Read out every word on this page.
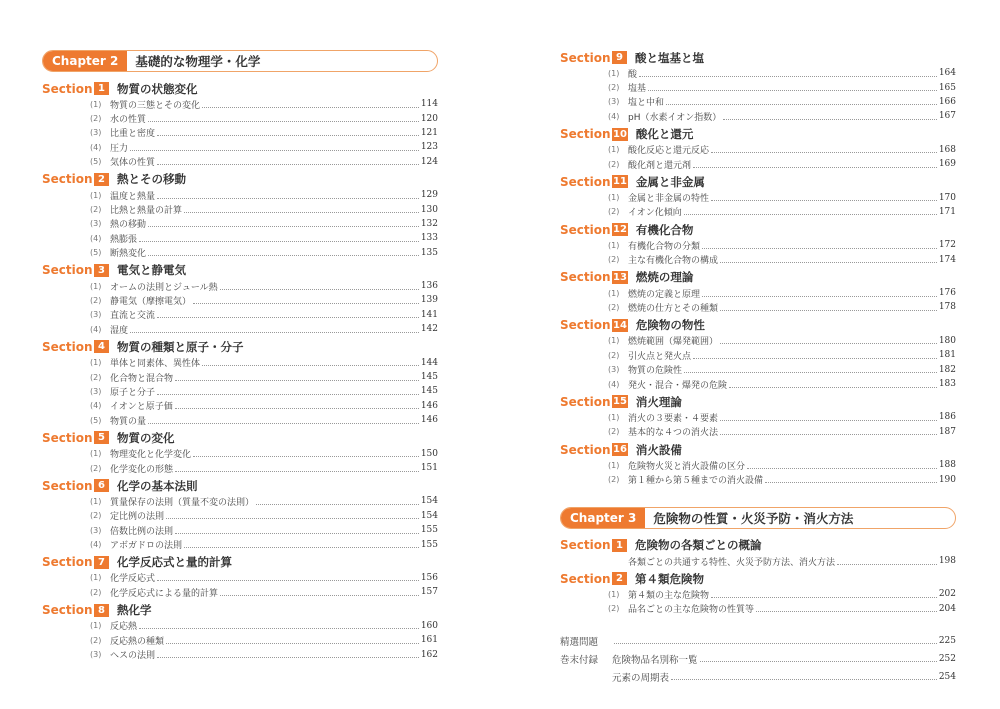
Chapter 2	基礎的な物理学・化学
Section 1	物質の状態変化
(1) 物質の三態とその変化	114
(2) 水の性質	120
(3) 比重と密度	121
(4) 圧力	123
(5) 気体の性質	124
Section 2	熱とその移動
(1) 温度と熱量	129
(2) 比熱と熱量の計算	130
(3) 熱の移動	132
(4) 熱膨張	133
(5) 断熱変化	135
Section 3	電気と静電気
(1) オームの法則とジュール熱	136
(2) 静電気（摩擦電気）	139
(3) 直流と交流	141
(4) 湿度	142
Section 4	物質の種類と原子・分子
(1) 単体と同素体、異性体	144
(2) 化合物と混合物	145
(3) 原子と分子	145
(4) イオンと原子価	146
(5) 物質の量	146
Section 5	物質の変化
(1) 物理変化と化学変化	150
(2) 化学変化の形態	151
Section 6	化学の基本法則
(1) 質量保存の法則（質量不変の法則）	154
(2) 定比例の法則	154
(3) 倍数比例の法則	155
(4) アボガドロの法則	155
Section 7	化学反応式と量的計算
(1) 化学反応式	156
(2) 化学反応式による量的計算	157
Section 8	熱化学
(1) 反応熱	160
(2) 反応熱の種類	161
(3) ヘスの法則	162
Section 9	酸と塩基と塩
(1) 酸	164
(2) 塩基	165
(3) 塩と中和	166
(4) pH（水素イオン指数）	167
Section 10 酸化と還元
(1) 酸化反応と還元反応	168
(2) 酸化剤と還元剤	169
Section 11 金属と非金属
(1) 金属と非金属の特性	170
(2) イオン化傾向	171
Section 12 有機化合物
(1) 有機化合物の分類	172
(2) 主な有機化合物の構成	174
Section 13 燃焼の理論
(1) 燃焼の定義と原理	176
(2) 燃焼の仕方とその種類	178
Section 14 危険物の物性
(1) 燃焼範囲（爆発範囲）	180
(2) 引火点と発火点	181
(3) 物質の危険性	182
(4) 発火・混合・爆発の危険	183
Section 15 消火理論
(1) 消火の３要素・４要素	186
(2) 基本的な４つの消火法	187
Section 16 消火設備
(1) 危険物火災と消火設備の区分	188
(2) 第１種から第５種までの消火設備	190
Chapter 3	危険物の性質・火災予防・消火方法
Section 1	危険物の各類ごとの概論
各類ごとの共通する特性、火災予防方法、消火方法	198
Section 2	第４類危険物
(1) 第４類の主な危険物	202
(2) 品名ごとの主な危険物の性質等	204
精選問題	225
巻末付録	危険物品名別称一覧	252
元素の周期表	254
